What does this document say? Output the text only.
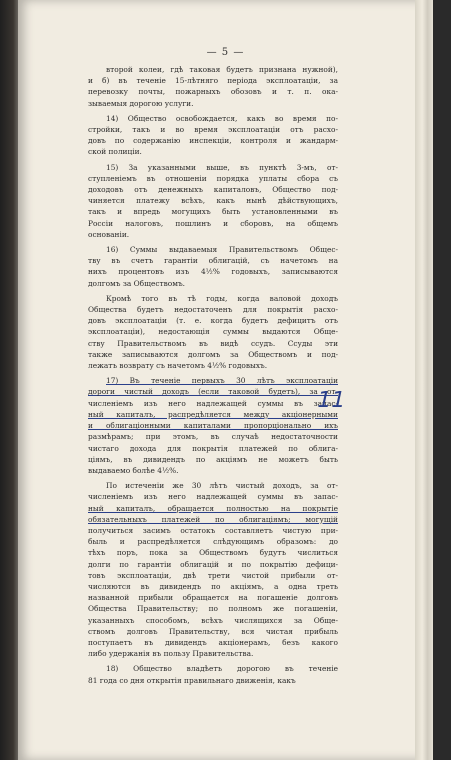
— 5 —
второй колеи, гдѣ таковая будетъ признана нужной),
и б) въ теченіе 15-лѣтняго періода эксплоатаціи, за
перевозку почты, пожарныхъ обозовъ и т. п. ока-
зываемыя дорогою услуги.
14) Общество освобождается, какъ во время по-
стройки, такъ и во время эксплоатаціи отъ расхо-
довъ по содержанію инспекціи, контроля и жандарм-
ской полиціи.
15) За указанными выше, въ пунктѣ 3-мъ, от-
ступленіемъ въ отношеніи порядка уплаты сбора съ
доходовъ отъ денежныхъ капиталовъ, Общество под-
чиняется платежу всѣхъ, какъ нынѣ дѣйствующихъ,
такъ и впредь могущихъ быть установленными въ
Россіи налоговъ, пошлинъ и сборовъ, на общемъ
основаніи.
16) Суммы выдаваемыя Правительствомъ Общес-
тву въ счетъ гарантіи облигацій, съ начетомъ на
нихъ процентовъ изъ 4½% годовыхъ, записываются
долгомъ за Обществомъ.
Кромѣ того въ тѣ годы, когда валовой доходъ
Общества будетъ недостаточенъ для покрытія расхо-
довъ эксплоатаціи (т. е. когда будетъ дефицитъ отъ
эксплоатаціи), недостающія суммы выдаются Обще-
ству Правительствомъ въ видѣ ссудъ. Ссуды эти
также записываются долгомъ за Обществомъ и под-
лежатъ возврату съ начетомъ 4½% годовыхъ.
17) Въ теченіе первыхъ 30 лѣтъ эксплоатаціи
дороги чистый доходъ (если таковой будетъ), за от-
численіемъ изъ него надлежащей суммы въ запас-
ный капиталъ, распредѣляется между акціонерными
и облигаціонными капиталами пропорціонально ихъ
размѣрамъ; при этомъ, въ случаѣ недостаточности
чистаго дохода для покрытія платежей по облига-
ціямъ, въ дивидендъ по акціямъ не можетъ быть
выдаваемо болѣе 4½%.
По истеченіи же 30 лѣтъ чистый доходъ, за от-
численіемъ изъ него надлежащей суммы въ запас-
ный капиталъ, обращается полностью на покрытіе
обязательныхъ платежей по облигаціямъ; могущій
получиться засимъ остатокъ составляетъ чистую при-
быль и распредѣляется слѣдующимъ образомъ: до
тѣхъ поръ, пока за Обществомъ будутъ числиться
долги по гарантіи облигацій и по покрытію дефици-
товъ эксплоатаціи, двѣ трети чистой прибыли от-
числяются въ дивидендъ по акціямъ, а одна треть
названной прибыли обращается на погашеніе долговъ
Общества Правительству; по полномъ же погашеніи,
указанныхъ способомъ, всѣхъ числящихся за Обще-
ствомъ долговъ Правительству, вся чистая прибыль
поступаетъ въ дивидендъ акціонерамъ, безъ какого
либо удержанія въ пользу Правительства.
18) Общество владѣетъ дорогою въ теченіе
81 года со дня открытія правильнаго движенія, какъ
11
